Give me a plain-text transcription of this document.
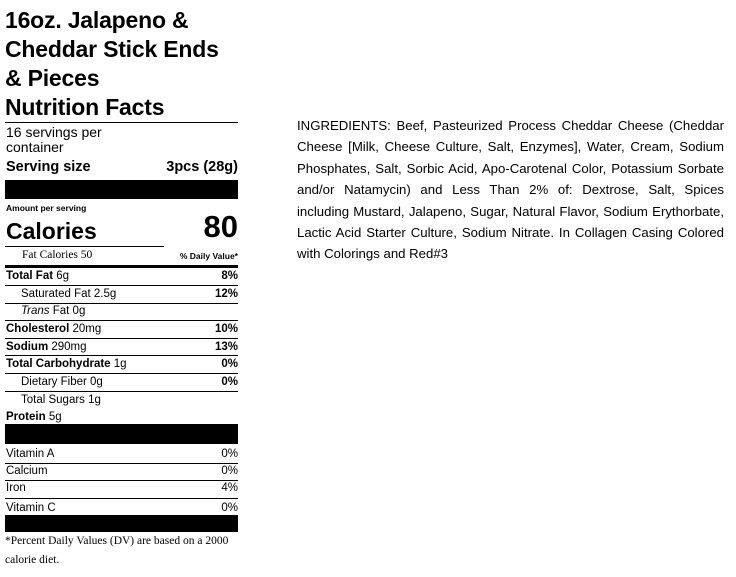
16oz. Jalapeno &
Cheddar Stick Ends
& Pieces
Nutrition Facts
16 servings per container
Serving size	3pcs (28g)
Amount per serving
Calories	80
Fat Calories 50	% Daily Value*
Total Fat 6g	8%
Saturated Fat 2.5g	12%
Trans Fat 0g
Cholesterol 20mg	10%
Sodium 290mg	13%
Total Carbohydrate 1g	0%
Dietary Fiber 0g	0%
Total Sugars 1g
Protein 5g
Vitamin A	0%
Calcium	0%
Iron	4%
Vitamin C	0%
*Percent Daily Values (DV) are based on a 2000 calorie diet.
INGREDIENTS: Beef, Pasteurized Process Cheddar Cheese (Cheddar Cheese [Milk, Cheese Culture, Salt, Enzymes], Water, Cream, Sodium Phosphates, Salt, Sorbic Acid, Apo-Carotenal Color, Potassium Sorbate and/or Natamycin) and Less Than 2% of: Dextrose, Salt, Spices including Mustard, Jalapeno, Sugar, Natural Flavor, Sodium Erythorbate, Lactic Acid Starter Culture, Sodium Nitrate. In Collagen Casing Colored with Colorings and Red#3
